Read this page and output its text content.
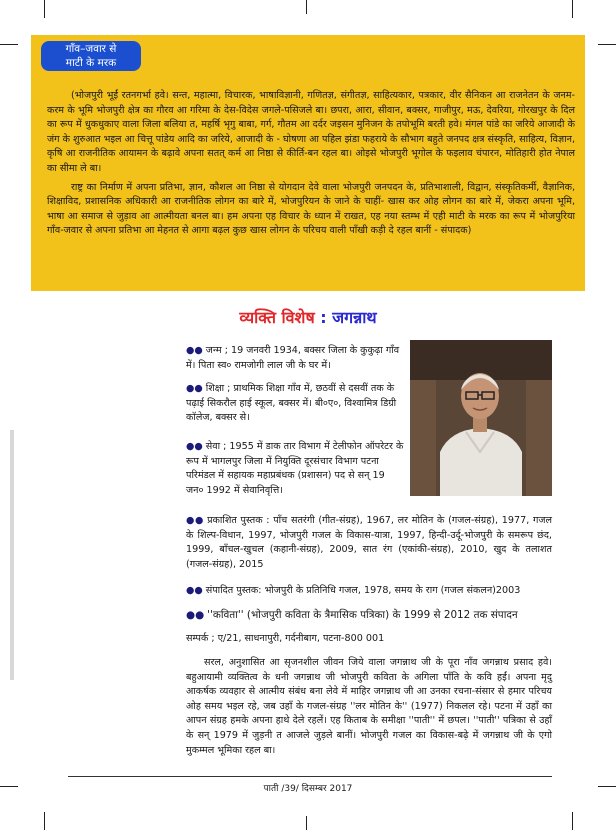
गाँव–जवार से
माटी के मरक

(भोजपुरी भूईं रतनगर्भा हवे। सन्त, महात्मा, विचारक, भाषाविज्ञानी, गणितज्ञ, संगीतज्ञ, साहित्यकार, पत्रकार, वीर सैनिकन आ राजनेतन के जनम-करम के भूमि भोजपुरी क्षेत्र का गौरव आ गरिमा के देस-विदेस जगले-पसिजले बा। छपरा, आरा, सीवान, बक्सर, गाजीपुर, मऊ, देवरिया, गोरखपुर के दिल का रूप में धुकधुकाए वाला जिला बलिया त, महर्षि भृगु बाबा, गर्ग, गौतम आ दर्दर जइसन मुनिजन के तपोभूमि बरती हवे। मंगल पांडे का जरिये आजादी के जंग के शुरुआत भइल आ चित्तू पांडेय आदि का जरिये, आजादी के - घोषणा आ पहिल झंडा फहराये के सौभाग बहुते जनपद क्षत्र संस्कृति, साहित्य, विज्ञान, कृषि आ राजनीतिक आयामन के बढ़ावे अपना सतत् कर्म आ निष्ठा से कीर्ति-बन रहल बा। ओइसे भोजपुरी भूगोल के फइलाव चंपारन, मोतिहारी होत नेपाल का सीमा ले बा।

राष्ट्र का निर्माण में अपना प्रतिभा, ज्ञान, कौशल आ निष्ठा से योगदान देवे वाला भोजपुरी जनपदन के, प्रतिभाशाली, विद्वान, संस्कृतिकर्मी, वैज्ञानिक, शिक्षाविद, प्रशासनिक अधिकारी आ राजनीतिक लोगन का बारे में, भोजपुरियन के जाने के चाहीं- खास कर ओह लोगन का बारे में, जेकरा अपना भूमि, भाषा आ समाज से जुड़ाव आ आत्मीयता बनल बा। हम अपना एह विचार के ध्यान में राखत, एह नया स्तम्भ में एही माटी के मरक का रूप में भोजपुरिया गाँव-जवार से अपना प्रतिभा आ मेहनत से आगा बढ़ल कुछ खास लोगन के परिचय वाली पाँखी कड़ी दे रहल बानीं - संपादक)

व्यक्ति विशेष : जगन्नाथ

●● जन्म ; 19 जनवरी 1934, बक्सर जिला के कुकुढ़ा गाँव में। पिता स्व० रामजोगी लाल जी के घर में।

●● शिक्षा ; प्राथमिक शिक्षा गाँव में, छठवीं से दसवीं तक के पढ़ाई सिकरौल हाई स्कूल, बक्सर में। बी०ए०, विश्वामित्र डिग्री कॉलेज, बक्सर से।

●● सेवा ; 1955 में डाक तार विभाग में टेलीफोन ऑपरेटर के रूप में भागलपुर जिला में नियुक्ति दूरसंचार विभाग पटना परिमंडल में सहायक महाप्रबंधक (प्रशासन) पद से सन् 19 जन० 1992 में सेवानिवृत्ति।

●● प्रकाशित पुस्तक : पाँच सतरंगी (गीत-संग्रह), 1967, लर मोतिन के (गजल-संग्रह), 1977, गजल के शिल्प-विधान, 1997, भोजपुरी गजल के विकास-यात्रा, 1997, हिन्दी-उर्दू-भोजपुरी के समरूप छंद, 1999, बाँचल-खुचल (कहानी-संग्रह), 2009, सात रंग (एकांकी-संग्रह), 2010, खुद के तलाशत (गजल-संग्रह), 2015

●● संपादित पुस्तक: भोजपुरी के प्रतिनिधि गजल, 1978, समय के राग (गजल संकलन)2003

●● ''कविता'' (भोजपुरी कविता के त्रैमासिक पत्रिका) के 1999 से 2012 तक संपादन

सम्पर्क ; ए/21, साधनापुरी, गर्दनीबाग, पटना-800 001

सरल, अनुशासित आ सृजनशील जीवन जिये वाला जगन्नाथ जी के पूरा नाँव जगन्नाथ प्रसाद हवे। बहुआयामी व्यक्तित्व के धनी जगन्नाथ जी भोजपुरी कविता के अगिला पाँति के कवि हईं। अपना मृदु आकर्षक व्यवहार से आत्मीय संबंध बना लेवे में माहिर जगन्नाथ जी आ उनका रचना-संसार से हमार परिचय ओह समय भइल रहे, जब उहाँ के गजल-संग्रह ''लर मोतिन के'' (1977) निकलल रहे। पटना में उहाँ का आपन संग्रह हमके अपना हाथे देले रहलें। एह किताब के समीक्षा ''पाती'' में छपल। ''पाती'' पत्रिका से उहाँ के सन् 1979 में जुड़नी त आजले जुड़ले बानीं। भोजपुरी गजल का विकास-बढ़े में जगन्नाथ जी के एगो मुकम्मल भूमिका रहल बा।

पाती /39/ दिसम्बर 2017
